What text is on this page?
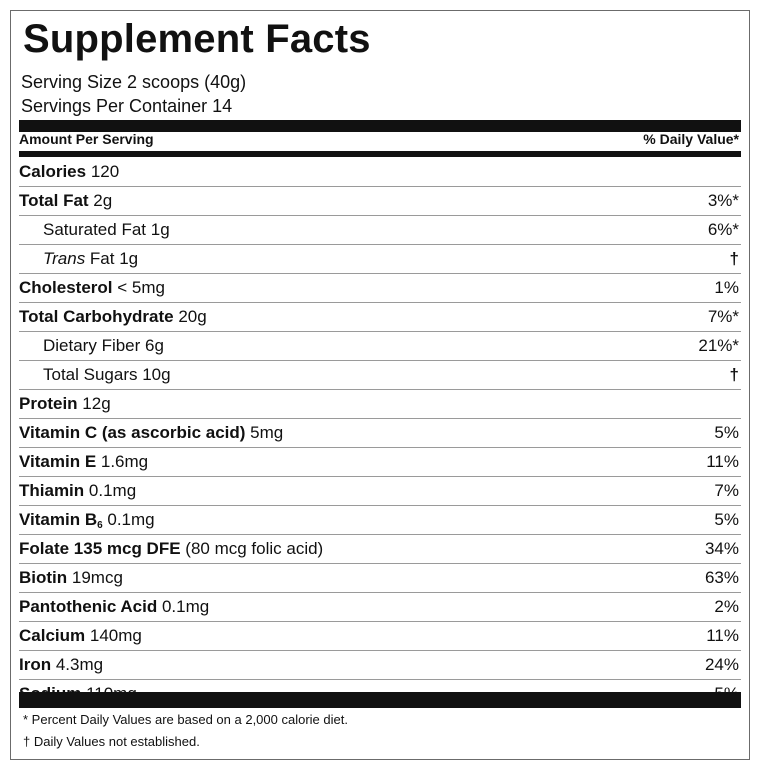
Supplement Facts
Serving Size 2 scoops (40g)
Servings Per Container 14
Amount Per Serving	% Daily Value*
Calories 120
Total Fat 2g	3%*
Saturated Fat 1g	6%*
Trans Fat 1g	†
Cholesterol < 5mg	1%
Total Carbohydrate 20g	7%*
Dietary Fiber 6g	21%*
Total Sugars 10g	†
Protein 12g
Vitamin C (as ascorbic acid) 5mg	5%
Vitamin E 1.6mg	11%
Thiamin 0.1mg	7%
Vitamin $B_6$ 0.1mg	5%
Folate 135 mcg DFE (80 mcg folic acid)	34%
Biotin 19mcg	63%
Pantothenic Acid 0.1mg	2%
Calcium 140mg	11%
Iron 4.3mg	24%
* Percent Daily Values are based on a 2,000 calorie diet.
† Daily Values not established.
